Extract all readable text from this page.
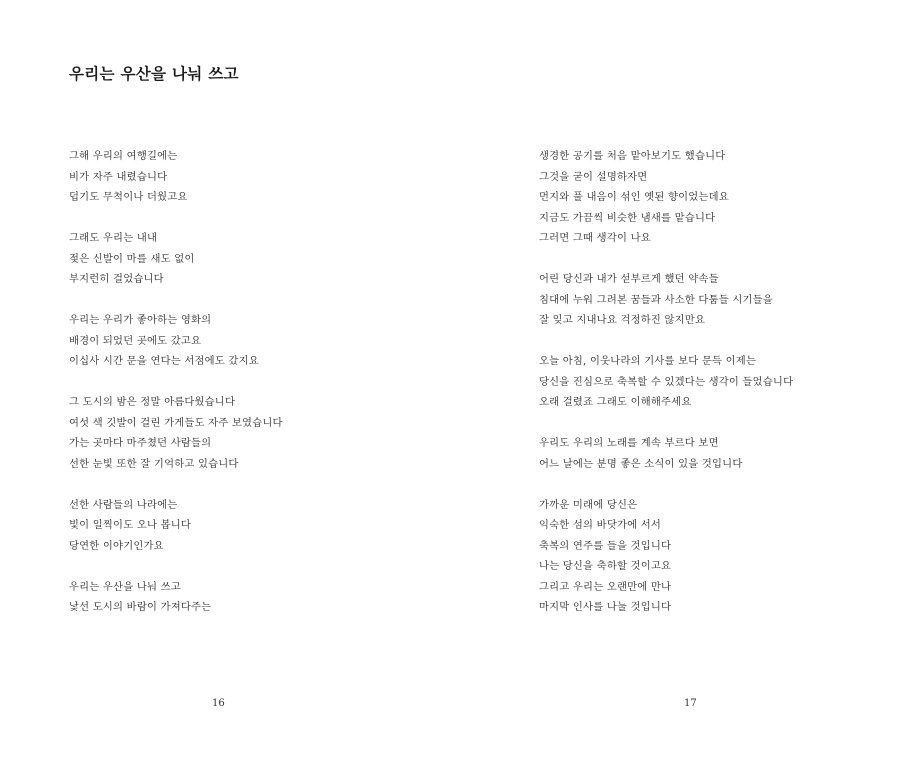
우리는 우산을 나눠 쓰고
그해 우리의 여행길에는
비가 자주 내렸습니다
덥기도 무척이나 더웠고요
그래도 우리는 내내
젖은 신발이 마를 새도 없이
부지런히 걸었습니다
우리는 우리가 좋아하는 영화의
배경이 되었던 곳에도 갔고요
이십사 시간 문을 연다는 서점에도 갔지요
그 도시의 밤은 정말 아름다웠습니다
여섯 색 깃발이 걸린 가게들도 자주 보였습니다
가는 곳마다 마주쳤던 사람들의
선한 눈빛 또한 잘 기억하고 있습니다
선한 사람들의 나라에는
빛이 일찍이도 오나 봅니다
당연한 이야기인가요
우리는 우산을 나눠 쓰고
낯선 도시의 바람이 가져다주는
16
생경한 공기를 처음 맡아보기도 했습니다
그것을 굳이 설명하자면
먼지와 풀 내음이 섞인 옛된 향이었는데요
지금도 가끔씩 비슷한 냄새를 맡습니다
그러면 그때 생각이 나요
어린 당신과 내가 섣부르게 했던 약속들
침대에 누워 그려본 꿈들과 사소한 다툼들 시기들을
잘 잊고 지내나요 걱정하진 않지만요
오늘 아침, 이웃나라의 기사를 보다 문득 이제는
당신을 진심으로 축복할 수 있겠다는 생각이 들었습니다
오래 걸렸죠 그래도 이해해주세요
우리도 우리의 노래를 계속 부르다 보면
어느 날에는 분명 좋은 소식이 있을 것입니다
가까운 미래에 당신은
익숙한 섬의 바닷가에 서서
축복의 연주를 들을 것입니다
나는 당신을 축하할 것이고요
그리고 우리는 오랜만에 만나
마지막 인사를 나눌 것입니다
17
